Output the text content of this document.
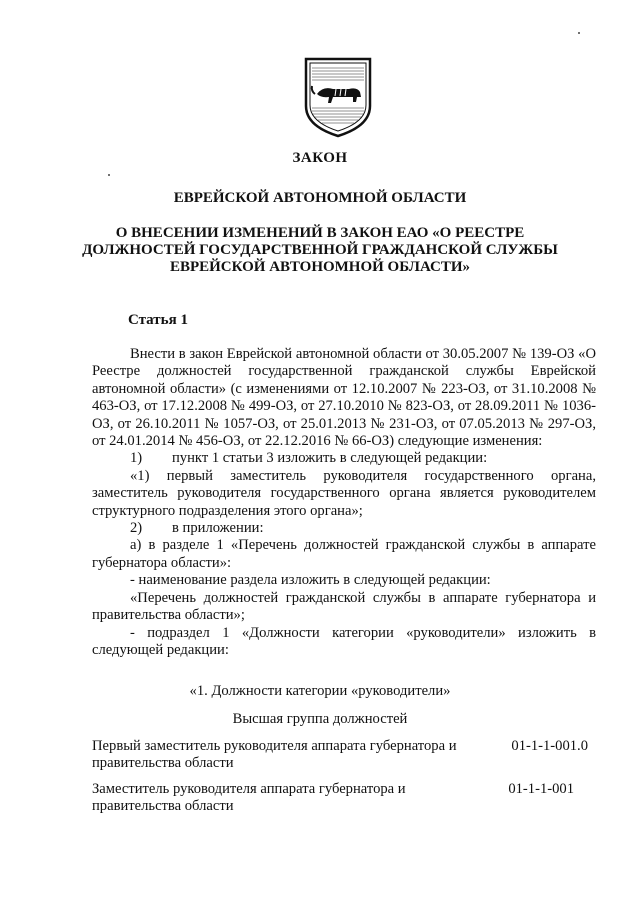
ЗАКОН
ЕВРЕЙСКОЙ АВТОНОМНОЙ ОБЛАСТИ
О ВНЕСЕНИИ ИЗМЕНЕНИЙ В ЗАКОН ЕАО «О РЕЕСТРЕ
ДОЛЖНОСТЕЙ ГОСУДАРСТВЕННОЙ ГРАЖДАНСКОЙ СЛУЖБЫ
ЕВРЕЙСКОЙ АВТОНОМНОЙ ОБЛАСТИ»
Статья 1

Внести в закон Еврейской автономной области от 30.05.2007 № 139-ОЗ «О Реестре должностей государственной гражданской службы Еврейской автономной области» (с изменениями от 12.10.2007 № 223-ОЗ, от 31.10.2008 № 463-ОЗ, от 17.12.2008 № 499-ОЗ, от 27.10.2010 № 823-ОЗ, от 28.09.2011 № 1036-ОЗ, от 26.10.2011 № 1057-ОЗ, от 25.01.2013 № 231-ОЗ, от 07.05.2013 № 297-ОЗ, от 24.01.2014 № 456-ОЗ, от 22.12.2016 № 66-ОЗ) следующие изменения:

1) пункт 1 статьи 3 изложить в следующей редакции:

«1) первый заместитель руководителя государственного органа, заместитель руководителя государственного органа является руководителем структурного подразделения этого органа»;

2) в приложении:

а) в разделе 1 «Перечень должностей гражданской службы в аппарате губернатора области»:

- наименование раздела изложить в следующей редакции:

«Перечень должностей гражданской службы в аппарате губернатора и правительства области»;

- подраздел 1 «Должности категории «руководители» изложить в следующей редакции:

«1. Должности категории «руководители»
Высшая группа должностей
Первый заместитель руководителя аппарата губернатора и правительства области
01-1-1-001.0
Заместитель руководителя аппарата губернатора и правительства области
01-1-1-001
